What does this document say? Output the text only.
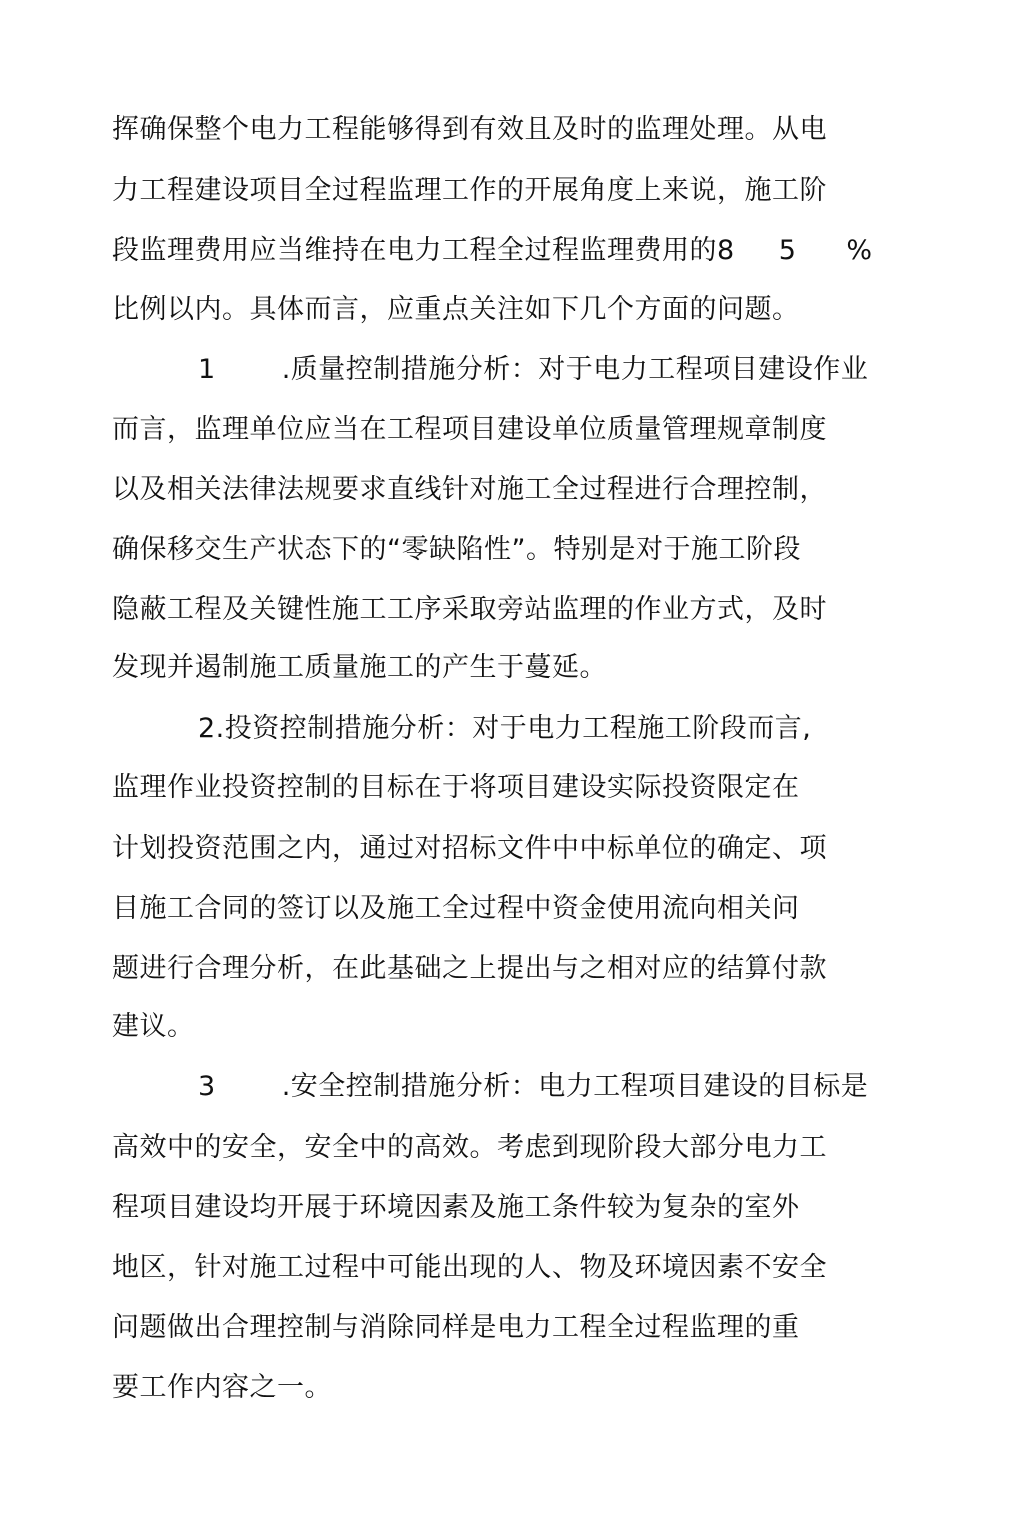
挥确保整个电力工程能够得到有效且及时的监理处理。从电
力工程建设项目全过程监理工作的开展角度上来说，施工阶
段监理费用应当维持在电力工程全过程监理费用的8 5 %
比例以内。具体而言，应重点关注如下几个方面的问题。
1 .质量控制措施分析：对于电力工程项目建设作业
而言，监理单位应当在工程项目建设单位质量管理规章制度
以及相关法律法规要求直线针对施工全过程进行合理控制，
确保移交生产状态下的“零缺陷性”。特别是对于施工阶段
隐蔽工程及关键性施工工序采取旁站监理的作业方式，及时
发现并遏制施工质量施工的产生于蔓延。
2.投资控制措施分析：对于电力工程施工阶段而言,
监理作业投资控制的目标在于将项目建设实际投资限定在
计划投资范围之内，通过对招标文件中中标单位的确定、项
目施工合同的签订以及施工全过程中资金使用流向相关问
题进行合理分析，在此基础之上提出与之相对应的结算付款
建议。
3 .安全控制措施分析：电力工程项目建设的目标是
高效中的安全，安全中的高效。考虑到现阶段大部分电力工
程项目建设均开展于环境因素及施工条件较为复杂的室外
地区，针对施工过程中可能出现的人、物及环境因素不安全
问题做出合理控制与消除同样是电力工程全过程监理的重
要工作内容之一。
